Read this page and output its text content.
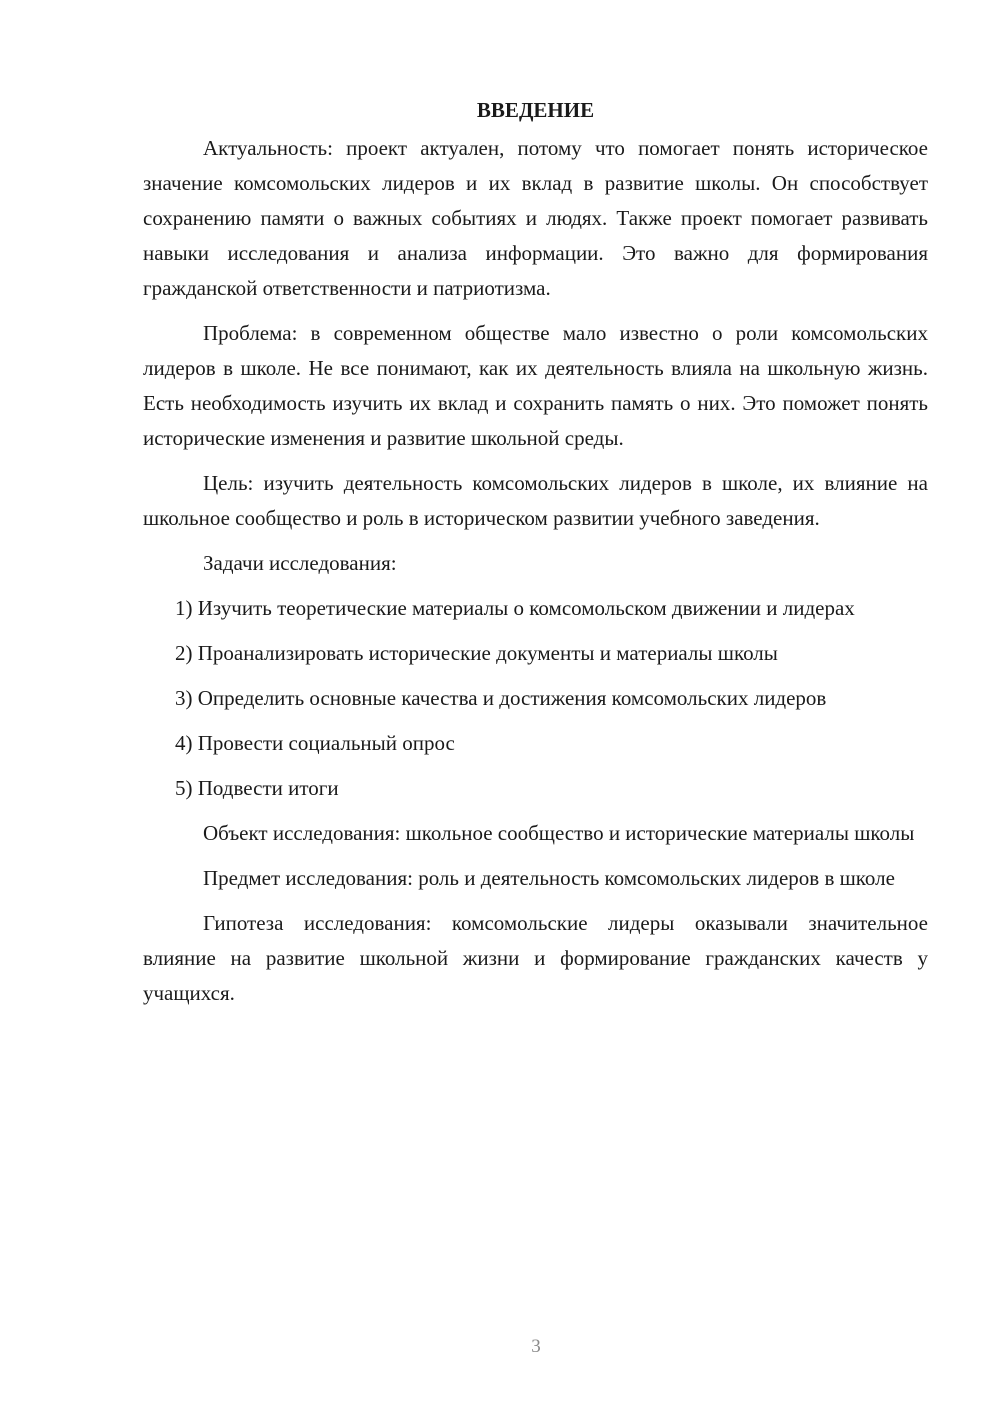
ВВЕДЕНИЕ

Актуальность: проект актуален, потому что помогает понять историческое значение комсомольских лидеров и их вклад в развитие школы. Он способствует сохранению памяти о важных событиях и людях. Также проект помогает развивать навыки исследования и анализа информации. Это важно для формирования гражданской ответственности и патриотизма.

Проблема: в современном обществе мало известно о роли комсомольских лидеров в школе. Не все понимают, как их деятельность влияла на школьную жизнь. Есть необходимость изучить их вклад и сохранить память о них. Это поможет понять исторические изменения и развитие школьной среды.

Цель: изучить деятельность комсомольских лидеров в школе, их влияние на школьное сообщество и роль в историческом развитии учебного заведения.

Задачи исследования:

1) Изучить теоретические материалы о комсомольском движении и лидерах

2) Проанализировать исторические документы и материалы школы

3) Определить основные качества и достижения комсомольских лидеров

4) Провести социальный опрос

5) Подвести итоги

Объект исследования: школьное сообщество и исторические материалы школы

Предмет исследования: роль и деятельность комсомольских лидеров в школе

Гипотеза исследования: комсомольские лидеры оказывали значительное влияние на развитие школьной жизни и формирование гражданских качеств у учащихся.

3
